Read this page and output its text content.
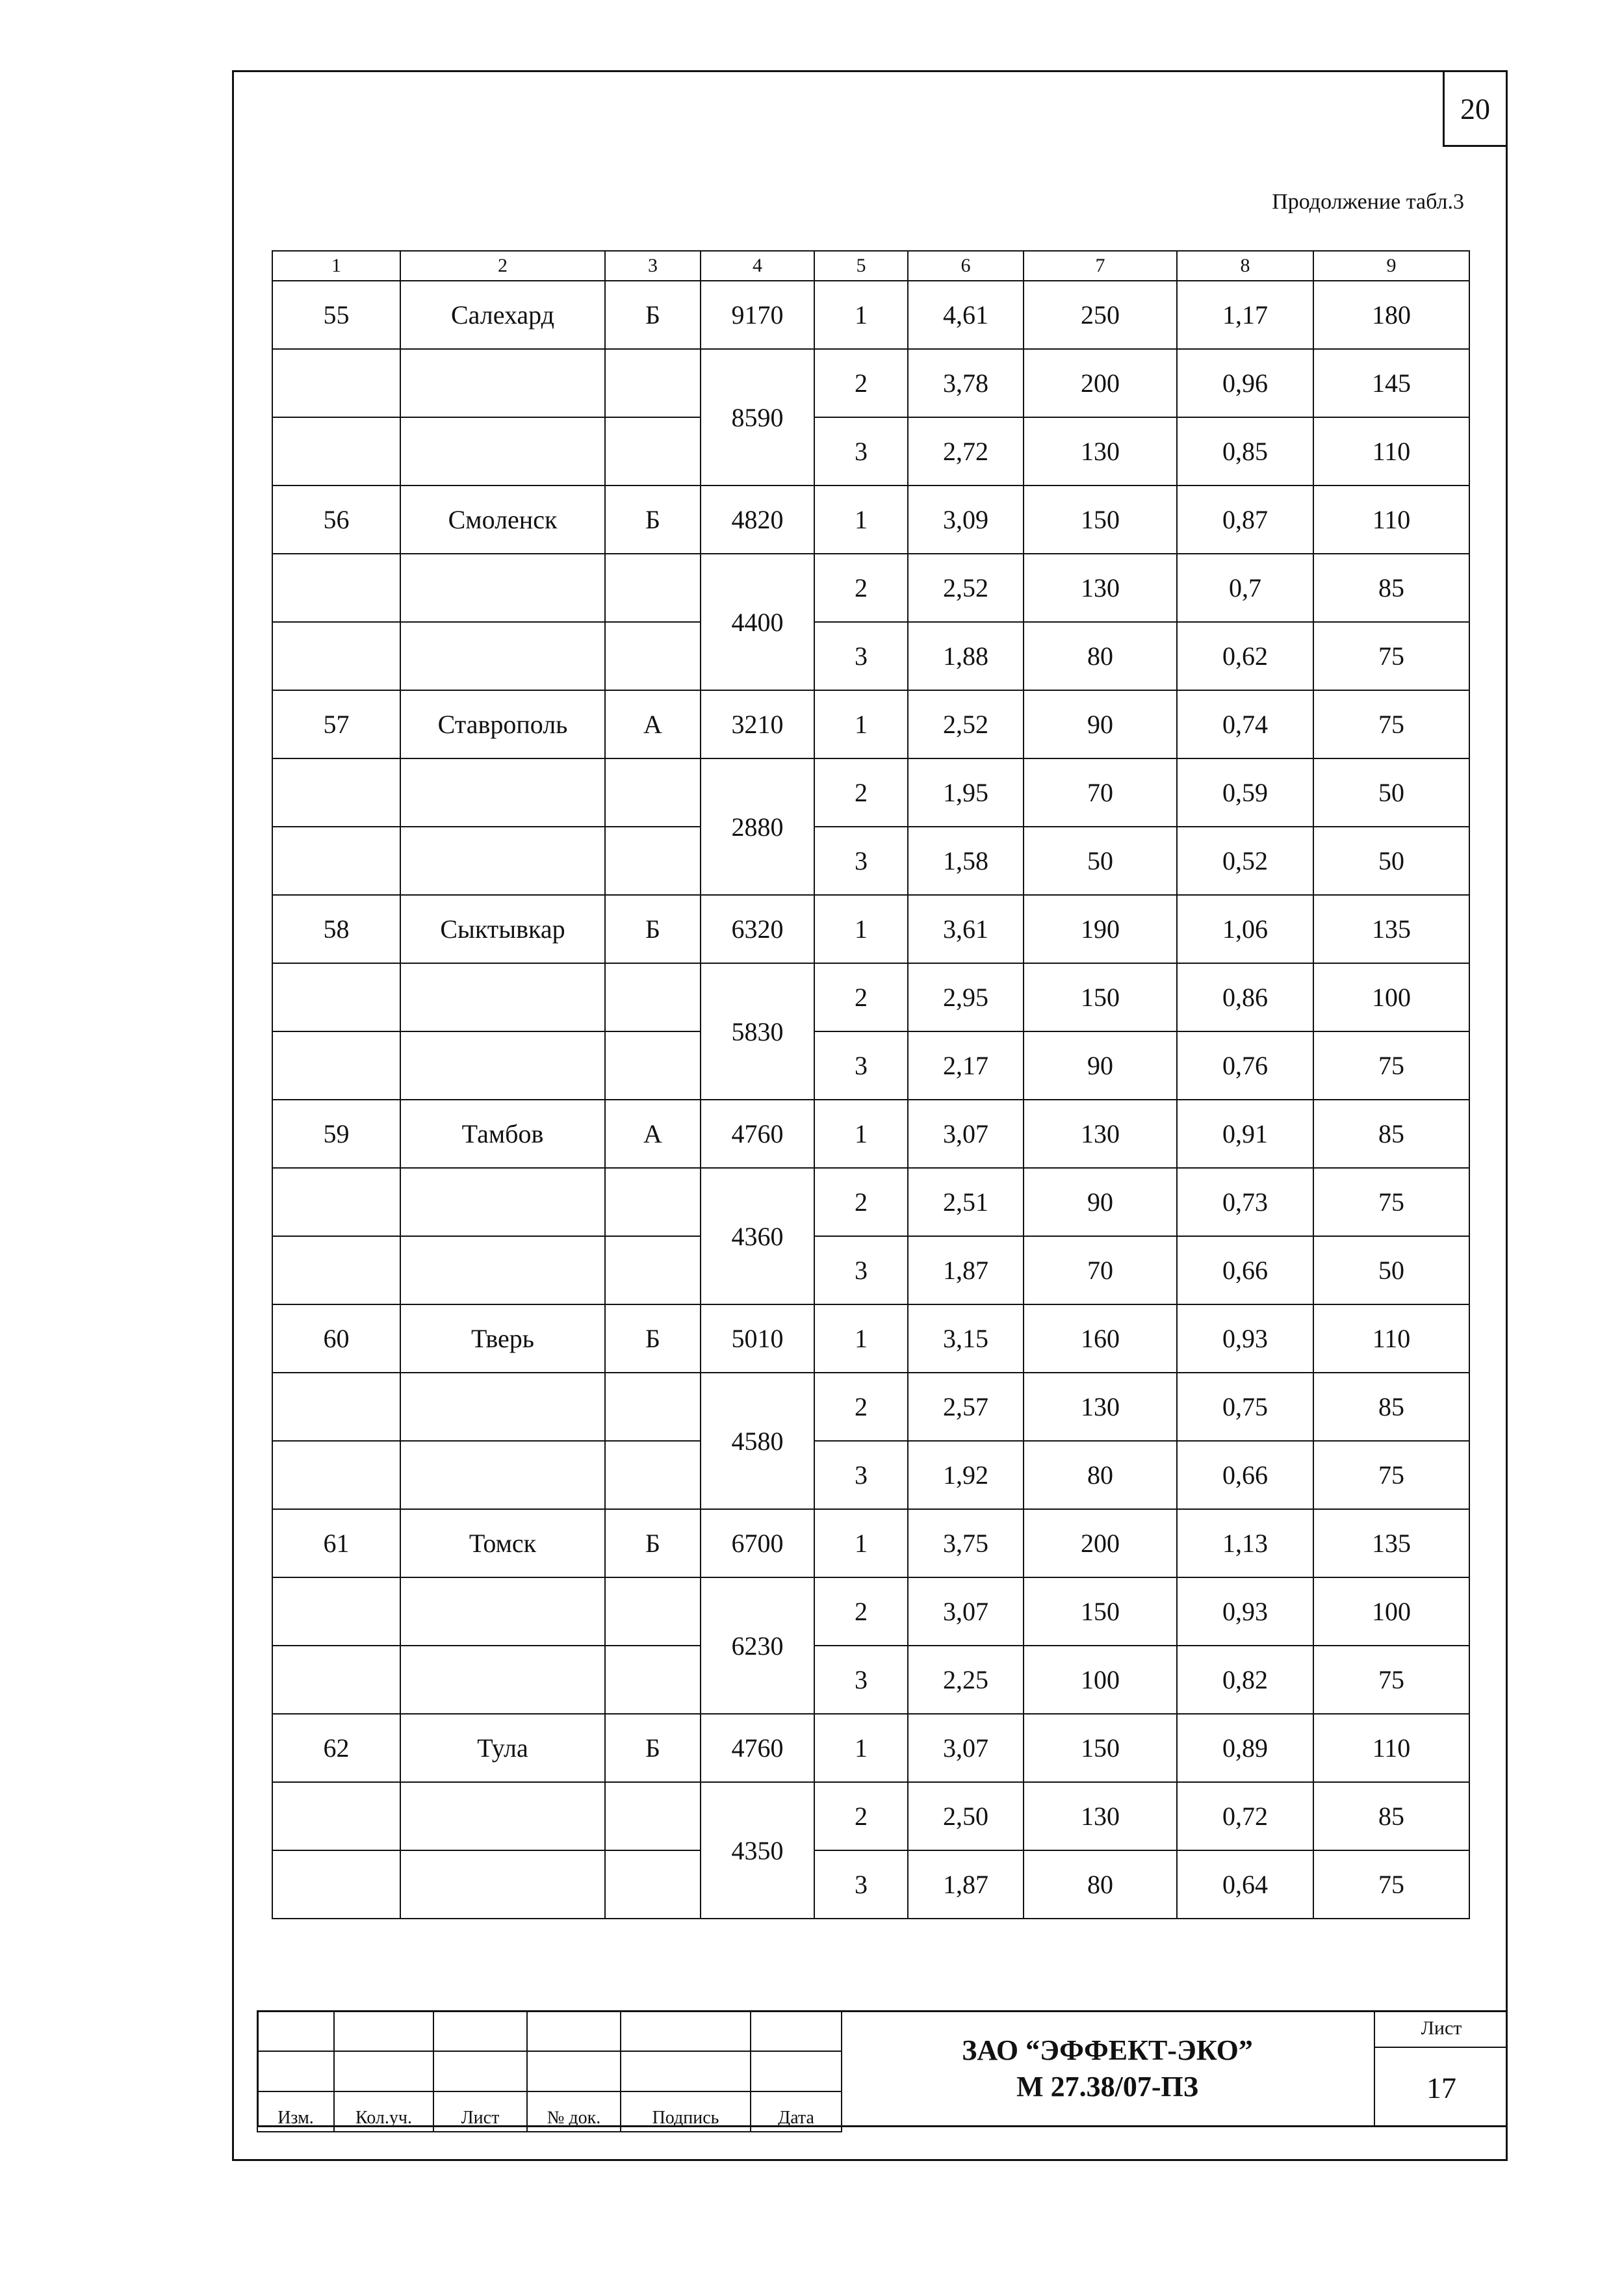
20
Продолжение табл.3
1	2	3	4	5	6	7	8	9
55	Салехард	Б	9170	1	4,61	250	1,17	180
			8590	2	3,78	200	0,96	145
				3	2,72	130	0,85	110
56	Смоленск	Б	4820	1	3,09	150	0,87	110
			4400	2	2,52	130	0,7	85
				3	1,88	80	0,62	75
57	Ставрополь	А	3210	1	2,52	90	0,74	75
			2880	2	1,95	70	0,59	50
				3	1,58	50	0,52	50
58	Сыктывкар	Б	6320	1	3,61	190	1,06	135
			5830	2	2,95	150	0,86	100
				3	2,17	90	0,76	75
59	Тамбов	А	4760	1	3,07	130	0,91	85
			4360	2	2,51	90	0,73	75
				3	1,87	70	0,66	50
60	Тверь	Б	5010	1	3,15	160	0,93	110
			4580	2	2,57	130	0,75	85
				3	1,92	80	0,66	75
61	Томск	Б	6700	1	3,75	200	1,13	135
			6230	2	3,07	150	0,93	100
				3	2,25	100	0,82	75
62	Тула	Б	4760	1	3,07	150	0,89	110
			4350	2	2,50	130	0,72	85
				3	1,87	80	0,64	75

Изм.	Кол.уч.	Лист	№ док.	Подпись	Дата
ЗАО “ЭФФЕКТ-ЭКО”
М 27.38/07-ПЗ
Лист
17
